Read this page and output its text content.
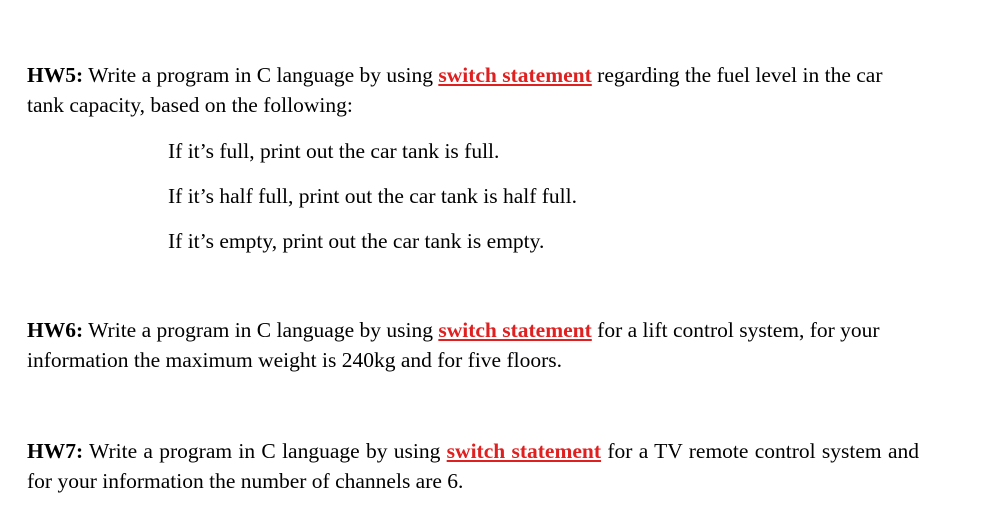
HW5: Write a program in C language by using switch statement regarding the fuel level in the car tank capacity, based on the following:

If it’s full, print out the car tank is full.
If it’s half full, print out the car tank is half full.
If it’s empty, print out the car tank is empty.

HW6: Write a program in C language by using switch statement for a lift control system, for your information the maximum weight is 240kg and for five floors.

HW7: Write a program in C language by using switch statement for a TV remote control system and for your information the number of channels are 6.
